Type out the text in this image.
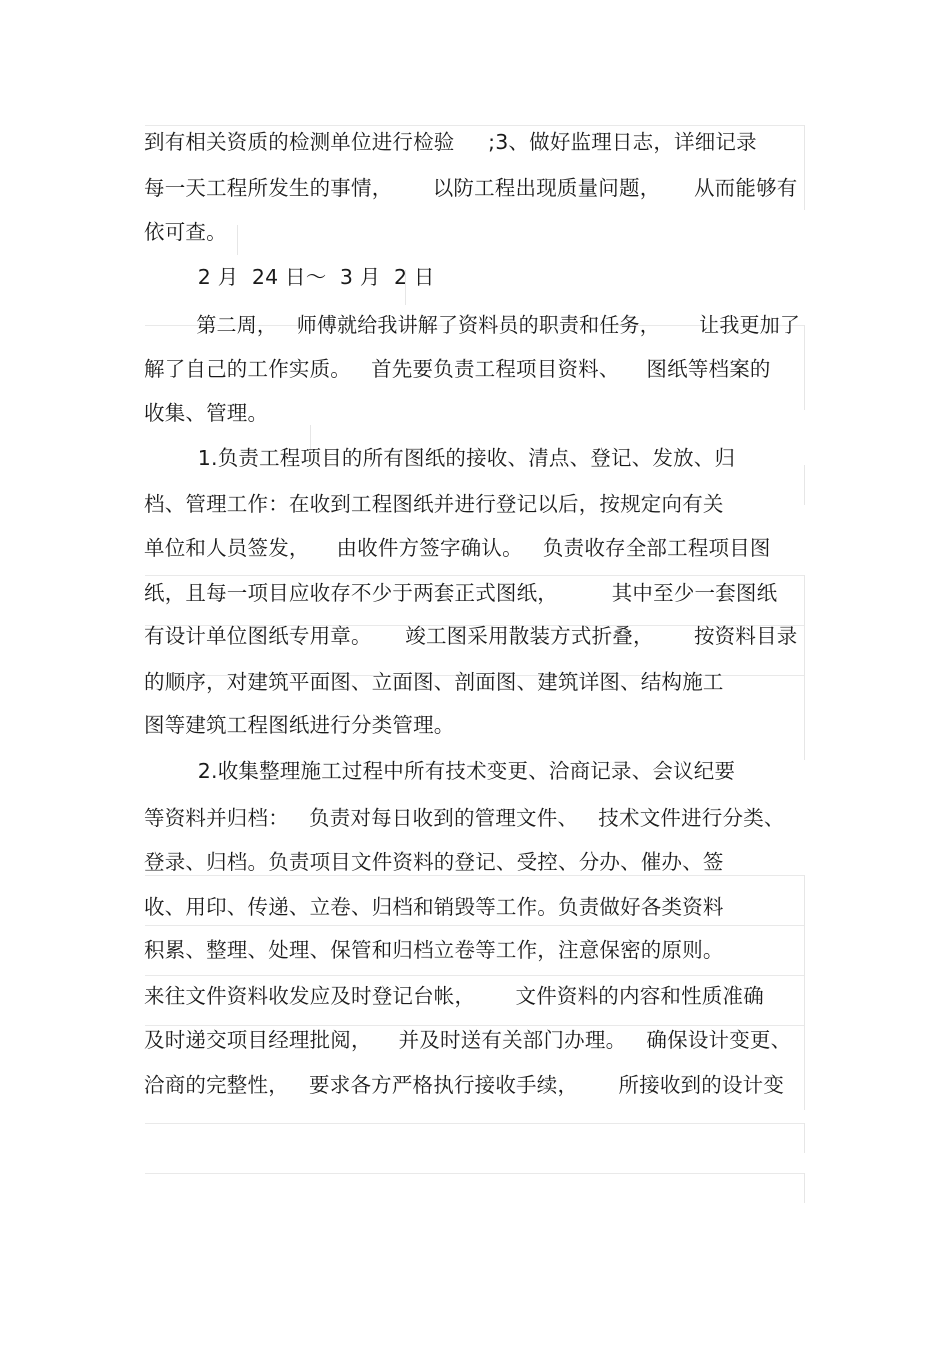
到有相关资质的检测单位进行检验     ;3、做好监理日志，详细记录
每一天工程所发生的事情，      以防工程出现质量问题，     从而能够有
依可查。
2 月  24 日～  3 月  2 日
第二周，   师傅就给我讲解了资料员的职责和任务，      让我更加了
解了自己的工作实质。   首先要负责工程项目资料、    图纸等档案的
收集、管理。
1.负责工程项目的所有图纸的接收、清点、登记、发放、归
档、管理工作：在收到工程图纸并进行登记以后，按规定向有关
单位和人员签发，    由收件方签字确认。   负责收存全部工程项目图
纸，且每一项目应收存不少于两套正式图纸，        其中至少一套图纸
有设计单位图纸专用章。     竣工图采用散装方式折叠，      按资料目录
的顺序，对建筑平面图、立面图、剖面图、建筑详图、结构施工
图等建筑工程图纸进行分类管理。
2.收集整理施工过程中所有技术变更、洽商记录、会议纪要
等资料并归档：   负责对每日收到的管理文件、   技术文件进行分类、
登录、归档。负责项目文件资料的登记、受控、分办、催办、签
收、用印、传递、立卷、归档和销毁等工作。负责做好各类资料
积累、整理、处理、保管和归档立卷等工作，注意保密的原则。
来往文件资料收发应及时登记台帐，      文件资料的内容和性质准确
及时递交项目经理批阅，    并及时送有关部门办理。   确保设计变更、
洽商的完整性，   要求各方严格执行接收手续，      所接收到的设计变
